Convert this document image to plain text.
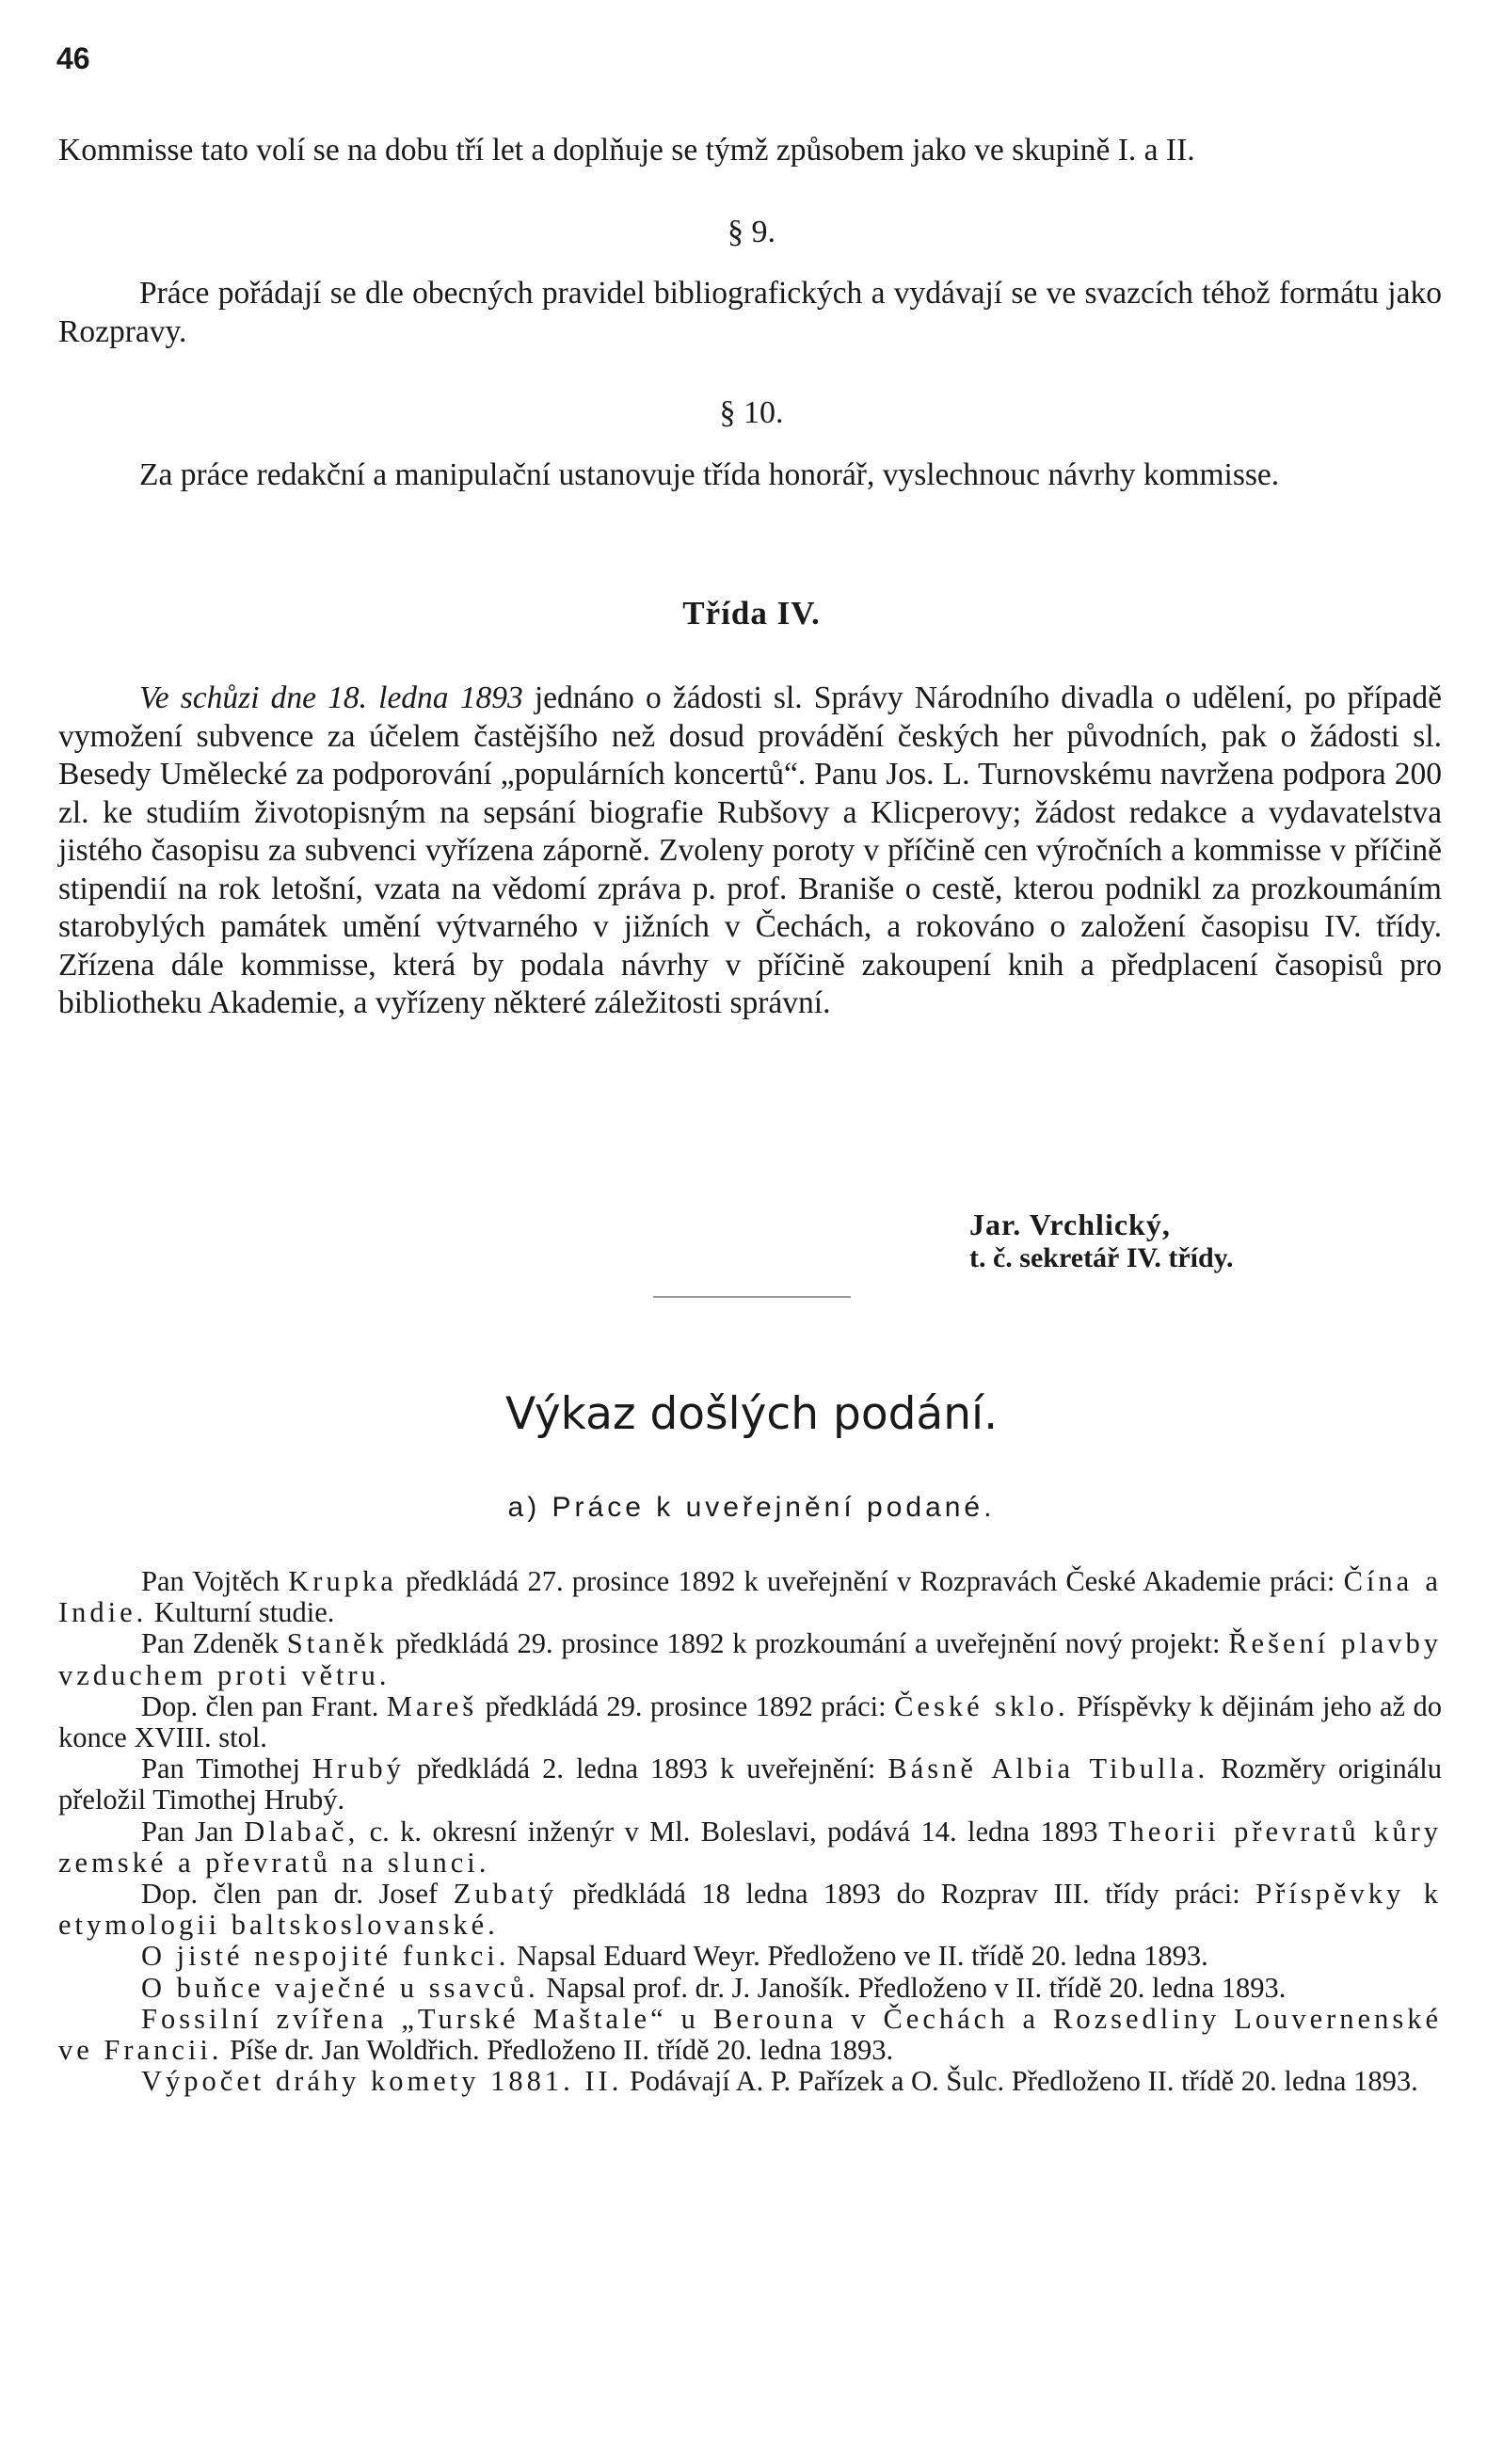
46

Kommisse tato volí se na dobu tří let a doplňuje se týmž způsobem jako ve skupině I. a II.

§ 9.

Práce pořádají se dle obecných pravidel bibliografických a vydávají se ve svazcích téhož formátu jako Rozpravy.

§ 10.

Za práce redakční a manipulační ustanovuje třída honorář, vyslechnouc návrhy kommisse.

Třída IV.

Ve schůzi dne 18. ledna 1893 jednáno o žádosti sl. Správy Národního divadla o udělení, po případě vymožení subvence za účelem častějšího než dosud provádění českých her původních, pak o žádosti sl. Besedy Umělecké za podporování „populárních koncertů“. Panu Jos. L. Turnovskému navržena podpora 200 zl. ke studiím životopisným na sepsání biografie Rubšovy a Klicperovy; žádost redakce a vydavatelstva jistého časopisu za subvenci vyřízena záporně. Zvoleny poroty v příčině cen výročních a kommisse v příčině stipendií na rok letošní, vzata na vědomí zpráva p. prof. Braniše o cestě, kterou podnikl za prozkoumáním starobylých památek umění výtvarného v jižních v Čechách, a rokováno o založení časopisu IV. třídy. Zřízena dále kommisse, která by podala návrhy v příčině zakoupení knih a předplacení časopisů pro bibliotheku Akademie, a vyřízeny některé záležitosti správní.

Jar. Vrchlický,
t. č. sekretář IV. třídy.
Výkaz došlých podání.
a) Práce k uveřejnění podané.

Pan Vojtěch Krupka předkládá 27. prosince 1892 k uveřejnění v Rozpravách České Akademie práci: Čína a Indie. Kulturní studie.

Pan Zdeněk Staněk předkládá 29. prosince 1892 k prozkoumání a uveřejnění nový projekt: Řešení plavby vzduchem proti větru.

Dop. člen pan Frant. Mareš předkládá 29. prosince 1892 práci: České sklo. Příspěvky k dějinám jeho až do konce XVIII. stol.

Pan Timothej Hrubý předkládá 2. ledna 1893 k uveřejnění: Básně Albia Tibulla. Rozměry originálu přeložil Timothej Hrubý.

Pan Jan Dlabač, c. k. okresní inženýr v Ml. Boleslavi, podává 14. ledna 1893 Theorii převratů kůry zemské a převratů na slunci.

Dop. člen pan dr. Josef Zubatý předkládá 18 ledna 1893 do Rozprav III. třídy práci: Příspěvky k etymologii baltskoslovanské.

O jisté nespojité funkci. Napsal Eduard Weyr. Předloženo ve II. třídě 20. ledna 1893.

O buňce vaječné u ssavců. Napsal prof. dr. J. Janošík. Předloženo v II. třídě 20. ledna 1893.

Fossilní zvířena „Turské Maštale“ u Berouna v Čechách a Rozsedliny Louvernenské ve Francii. Píše dr. Jan Woldřich. Předloženo II. třídě 20. ledna 1893.

Výpočet dráhy komety 1881. II. Podávají A. P. Pařízek a O. Šulc. Předloženo II. třídě 20. ledna 1893.
